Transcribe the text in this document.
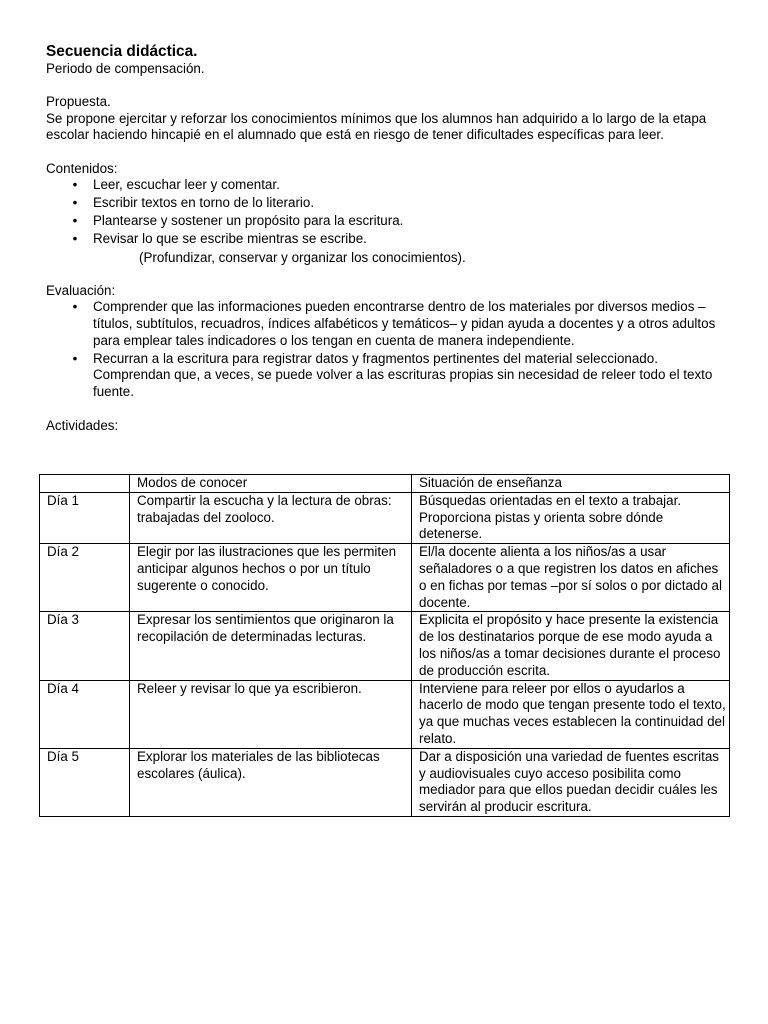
Secuencia didáctica.

Periodo de compensación.

Propuesta.

Se propone ejercitar y reforzar los conocimientos mínimos que los alumnos han adquirido a lo largo de la etapa escolar haciendo hincapié en el alumnado que está en riesgo de tener dificultades específicas para leer.

Contenidos:

• Leer, escuchar leer y comentar.
• Escribir textos en torno de lo literario.
• Plantearse y sostener un propósito para la escritura.
• Revisar lo que se escribe mientras se escribe.

(Profundizar, conservar y organizar los conocimientos).

Evaluación:

• Comprender que las informaciones pueden encontrarse dentro de los materiales por diversos medios –títulos, subtítulos, recuadros, índices alfabéticos y temáticos– y pidan ayuda a docentes y a otros adultos para emplear tales indicadores o los tengan en cuenta de manera independiente.
• Recurran a la escritura para registrar datos y fragmentos pertinentes del material seleccionado. Comprendan que, a veces, se puede volver a las escrituras propias sin necesidad de releer todo el texto fuente.

Actividades:

	Modos de conocer	Situación de enseñanza
Día 1	Compartir la escucha y la lectura de obras: trabajadas del zooloco.	Búsquedas orientadas en el texto a trabajar.
Proporciona pistas y orienta sobre dónde detenerse.

Día 2	Elegir por las ilustraciones que les permiten anticipar algunos hechos o por un título sugerente o conocido.	El/la docente alienta a los niños/as a usar señaladores o a que registren los datos en afiches o en fichas por temas –por sí solos o por dictado al docente.
Día 3	Expresar los sentimientos que originaron la recopilación de determinadas lecturas.	Explicita el propósito y hace presente la existencia de los destinatarios porque de ese modo ayuda a los niños/as a tomar decisiones durante el proceso de producción escrita.
Día 4	Releer y revisar lo que ya escribieron.	Interviene para releer por ellos o ayudarlos a hacerlo de modo que tengan presente todo el texto, ya que muchas veces establecen la continuidad del relato.
Día 5	Explorar los materiales de las bibliotecas escolares (áulica).	Dar a disposición una variedad de fuentes escritas y audiovisuales cuyo acceso posibilita como mediador para que ellos puedan decidir cuáles les servirán al producir escritura.
